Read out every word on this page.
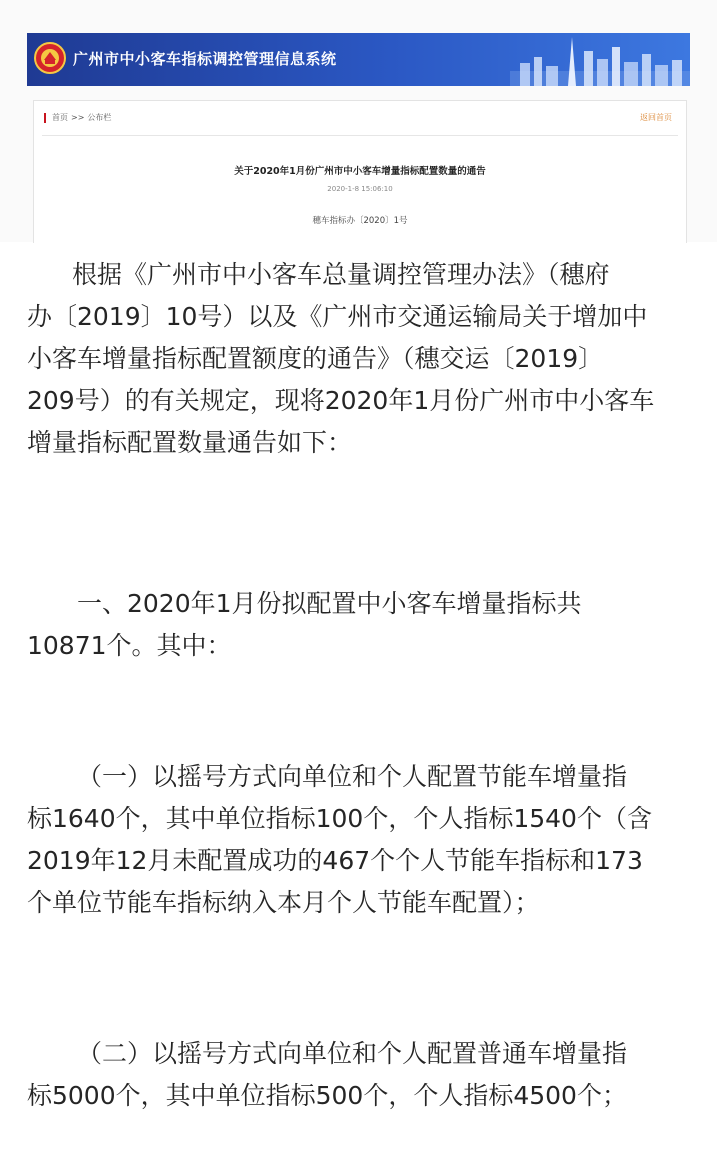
广州市中小客车指标调控管理信息系统
首页 >> 公布栏	返回首页
关于2020年1月份广州市中小客车增量指标配置数量的通告
2020-1-8 15:06:10
穗车指标办〔2020〕1号

根据《广州市中小客车总量调控管理办法》（穗府
办〔2019〕10号）以及《广州市交通运输局关于增加中
小客车增量指标配置额度的通告》（穗交运〔2019〕
209号）的有关规定，现将2020年1月份广州市中小客车
增量指标配置数量通告如下：

一、2020年1月份拟配置中小客车增量指标共
10871个。其中：

（一）以摇号方式向单位和个人配置节能车增量指
标1640个，其中单位指标100个，个人指标1540个（含
2019年12月未配置成功的467个个人节能车指标和173
个单位节能车指标纳入本月个人节能车配置）；

（二）以摇号方式向单位和个人配置普通车增量指
标5000个，其中单位指标500个，个人指标4500个；
